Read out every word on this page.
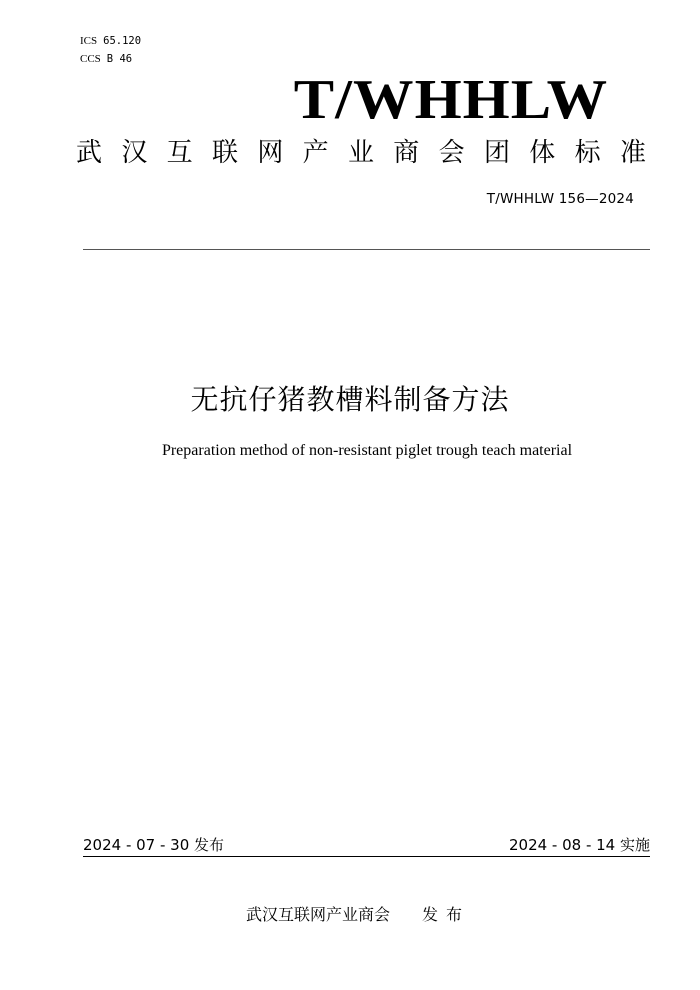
ICS 65.120
CCS B 46
T/WHHLW
武 汉 互 联 网 产 业 商 会 团 体 标 准
T/WHHLW 156—2024
无抗仔猪教槽料制备方法
Preparation method of non-resistant piglet trough teach material
2024 - 07 - 30 发布	2024 - 08 - 14 实施
武汉互联网产业商会 发布
